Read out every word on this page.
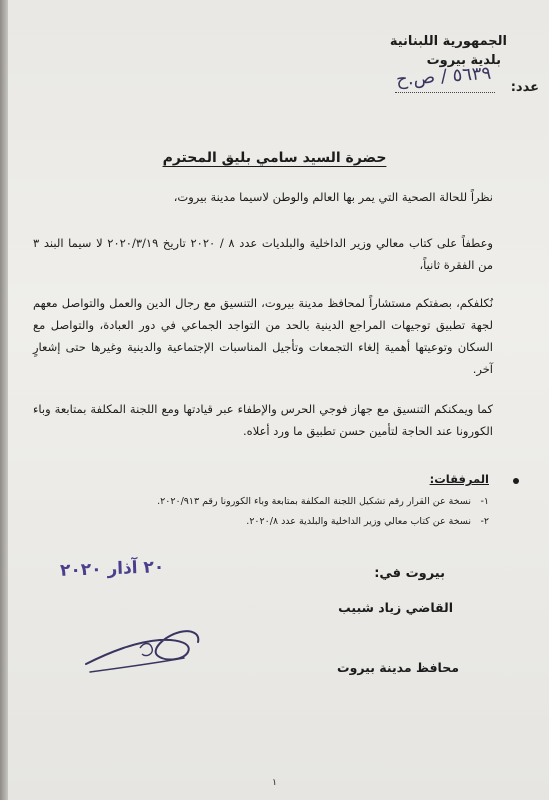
الجمهورية اللبنانية
بلدية بيروت
عدد:
٥٦٣٩ / ص.ح
حضرة السيد سامي بليق المحترم
نظراً للحالة الصحية التي يمر بها العالم والوطن لاسيما مدينة بيروت،
وعطفاً على كتاب معالي وزير الداخلية والبلديات عدد ٨ / ٢٠٢٠ تاريخ ٢٠٢٠/٣/١٩ لا سيما البند ٣ من الفقرة ثانياً،
نُكلفكم، بصفتكم مستشاراً لمحافظ مدينة بيروت، التنسيق مع رجال الدين والعمل والتواصل معهم لجهة تطبيق توجيهات المراجع الدينية بالحد من التواجد الجماعي في دور العبادة، والتواصل مع السكان وتوعيتها أهمية إلغاء التجمعات وتأجيل المناسبات الإجتماعية والدينية وغيرها حتى إشعارٍ آخر.
كما ويمكنكم التنسيق مع جهاز فوجي الحرس والإطفاء عبر قيادتها ومع اللجنة المكلفة بمتابعة وباء الكورونا عند الحاجة لتأمين حسن تطبيق ما ورد أعلاه.
المرفقات:
١-نسخة عن القرار رقم تشكيل اللجنة المكلفة بمتابعة وباء الكورونا رقم ٢٠٢٠/٩١٣.
٢-نسخة عن كتاب معالي وزير الداخلية والبلدية عدد ٢٠٢٠/٨.
بيروت في:
٢٠ آذار ٢٠٢٠
القاضي زياد شبيب
محافظ مدينة بيروت
١
